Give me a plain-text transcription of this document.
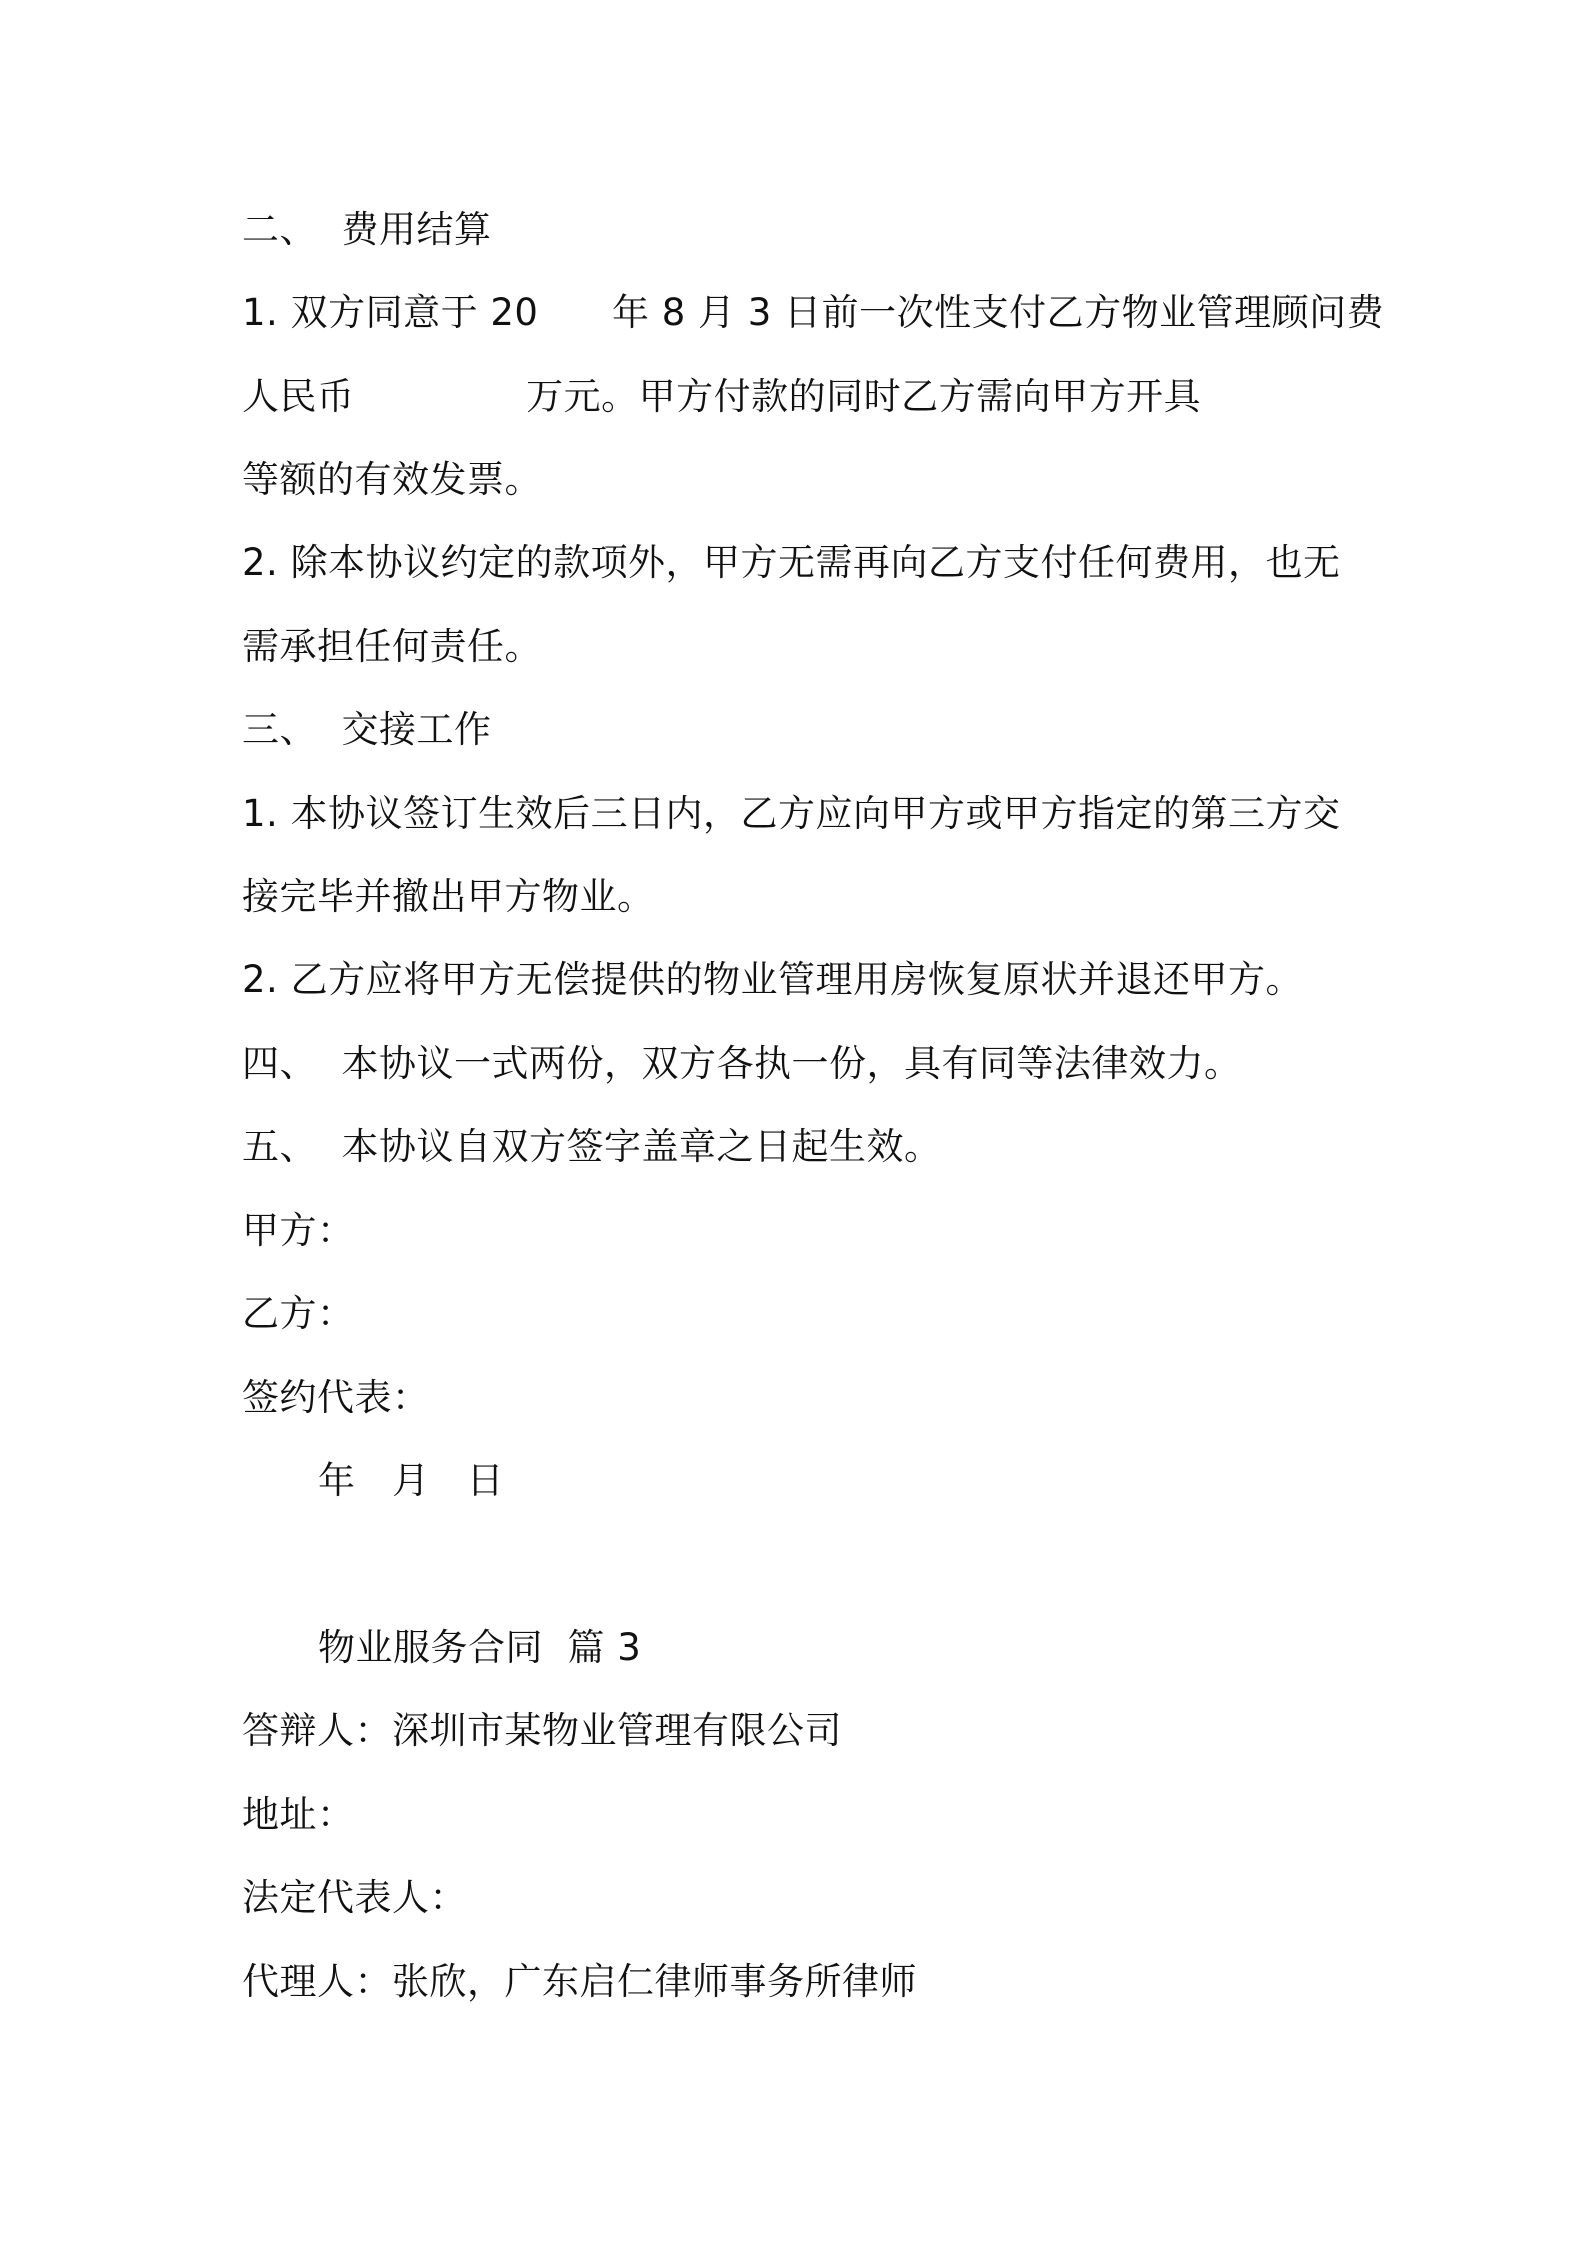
二、  费用结算
1. 双方同意于 20      年 8 月 3 日前一次性支付乙方物业管理顾问费
人民币              万元。甲方付款的同时乙方需向甲方开具
等额的有效发票。
2. 除本协议约定的款项外，甲方无需再向乙方支付任何费用，也无
需承担任何责任。
三、  交接工作
1. 本协议签订生效后三日内，乙方应向甲方或甲方指定的第三方交
接完毕并撤出甲方物业。
2. 乙方应将甲方无偿提供的物业管理用房恢复原状并退还甲方。
四、  本协议一式两份，双方各执一份，具有同等法律效力。
五、  本协议自双方签字盖章之日起生效。
甲方：
乙方：
签约代表：
年   月   日
物业服务合同  篇 3
答辩人：深圳市某物业管理有限公司
地址：
法定代表人：
代理人：张欣，广东启仁律师事务所律师
